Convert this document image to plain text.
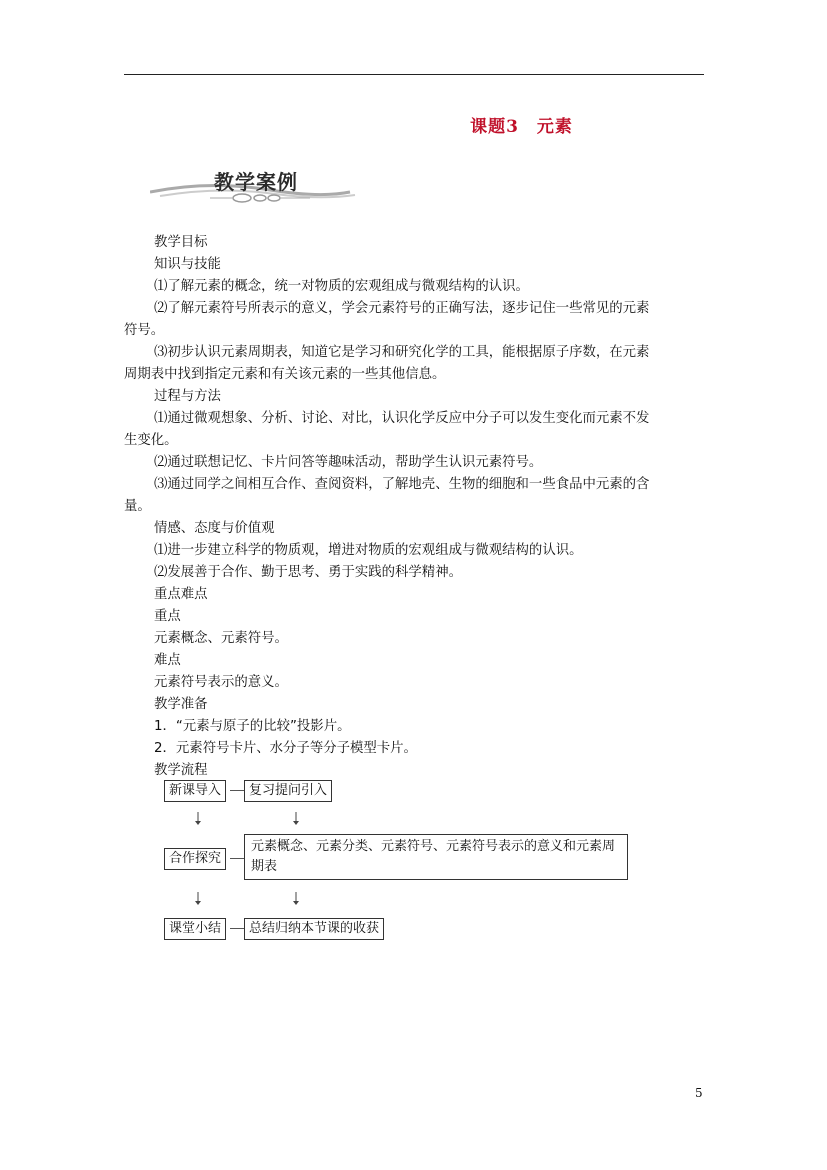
课题3　元素
教学案例
教学目标
知识与技能
⑴了解元素的概念，统一对物质的宏观组成与微观结构的认识。
⑵了解元素符号所表示的意义，学会元素符号的正确写法，逐步记住一些常见的元素
符号。
⑶初步认识元素周期表，知道它是学习和研究化学的工具，能根据原子序数，在元素
周期表中找到指定元素和有关该元素的一些其他信息。
过程与方法
⑴通过微观想象、分析、讨论、对比，认识化学反应中分子可以发生变化而元素不发
生变化。
⑵通过联想记忆、卡片问答等趣味活动，帮助学生认识元素符号。
⑶通过同学之间相互合作、查阅资料，了解地壳、生物的细胞和一些食品中元素的含
量。
情感、态度与价值观
⑴进一步建立科学的物质观，增进对物质的宏观组成与微观结构的认识。
⑵发展善于合作、勤于思考、勇于实践的科学精神。
重点难点
重点
元素概念、元素符号。
难点
元素符号表示的意义。
教学准备
1．“元素与原子的比较”投影片。
2．元素符号卡片、水分子等分子模型卡片。
教学流程
新课导入	复习提问引入
合作探究
元素概念、元素分类、元素符号、元素符号表示的意义和元素周期表
课堂小结	总结归纳本节课的收获
5
